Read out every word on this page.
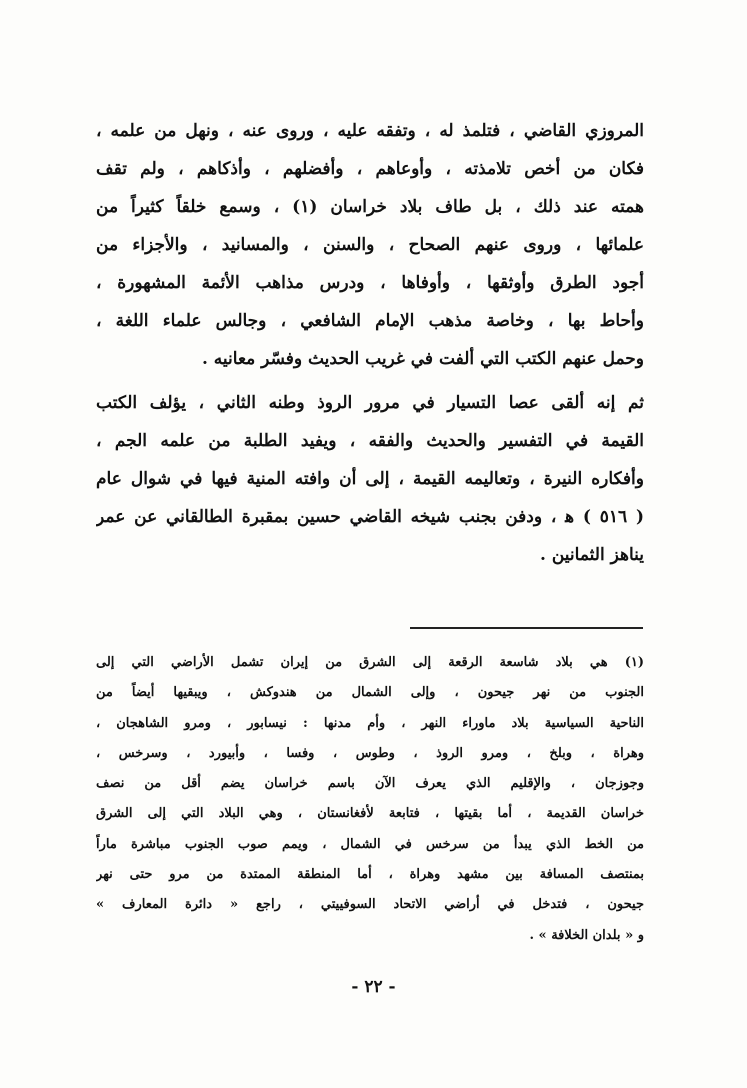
المروزي القاضي ، فتلمذ له ، وتفقه عليه ، وروى عنه ، ونهل من علمه ،
فكان من أخص تلامذته ، وأوعاهم ، وأفضلهم ، وأذكاهم ، ولم تقف
همته عند ذلك ، بل طاف بلاد خراسان (١) ، وسمع خلقاً كثيراً من
علمائها ، وروى عنهم الصحاح ، والسنن ، والمسانيد ، والأجزاء من
أجود الطرق وأوثقها ، وأوفاها ، ودرس مذاهب الأئمة المشهورة ،
وأحاط بها ، وخاصة مذهب الإمام الشافعي ، وجالس علماء اللغة ،
وحمل عنهم الكتب التي ألفت في غريب الحديث وفسّر معانيه .
ثم إنه ألقى عصا التسيار في مرور الروذ وطنه الثاني ، يؤلف الكتب
القيمة في التفسير والحديث والفقه ، ويفيد الطلبة من علمه الجم ،
وأفكاره النيرة ، وتعاليمه القيمة ، إلى أن وافته المنية فيها في شوال عام
( ٥١٦ ) ﻫ ، ودفن بجنب شيخه القاضي حسين بمقبرة الطالقاني عن عمر
يناهز الثمانين .
(١) هي بلاد شاسعة الرقعة إلى الشرق من إيران تشمل الأراضي التي إلى
الجنوب من نهر جيحون ، وإلى الشمال من هندوكش ، ويبقيها أيضاً من
الناحية السياسية بلاد ماوراء النهر ، وأم مدنها : نيسابور ، ومرو الشاهجان ،
وهراة ، وبلخ ، ومرو الروذ ، وطوس ، وفسا ، وأبيورد ، وسرخس ،
وجوزجان ، والإقليم الذي يعرف الآن باسم خراسان يضم أقل من نصف
خراسان القديمة ، أما بقيتها ، فتابعة لأفغانستان ، وهي البلاد التي إلى الشرق
من الخط الذي يبدأ من سرخس في الشمال ، ويمم صوب الجنوب مباشرة ماراً
بمنتصف المسافة بين مشهد وهراة ، أما المنطقة الممتدة من مرو حتى نهر
جيحون ، فتدخل في أراضي الاتحاد السوفييتي ، راجع « دائرة المعارف »
و « بلدان الخلافة » .
- ٢٢ -
